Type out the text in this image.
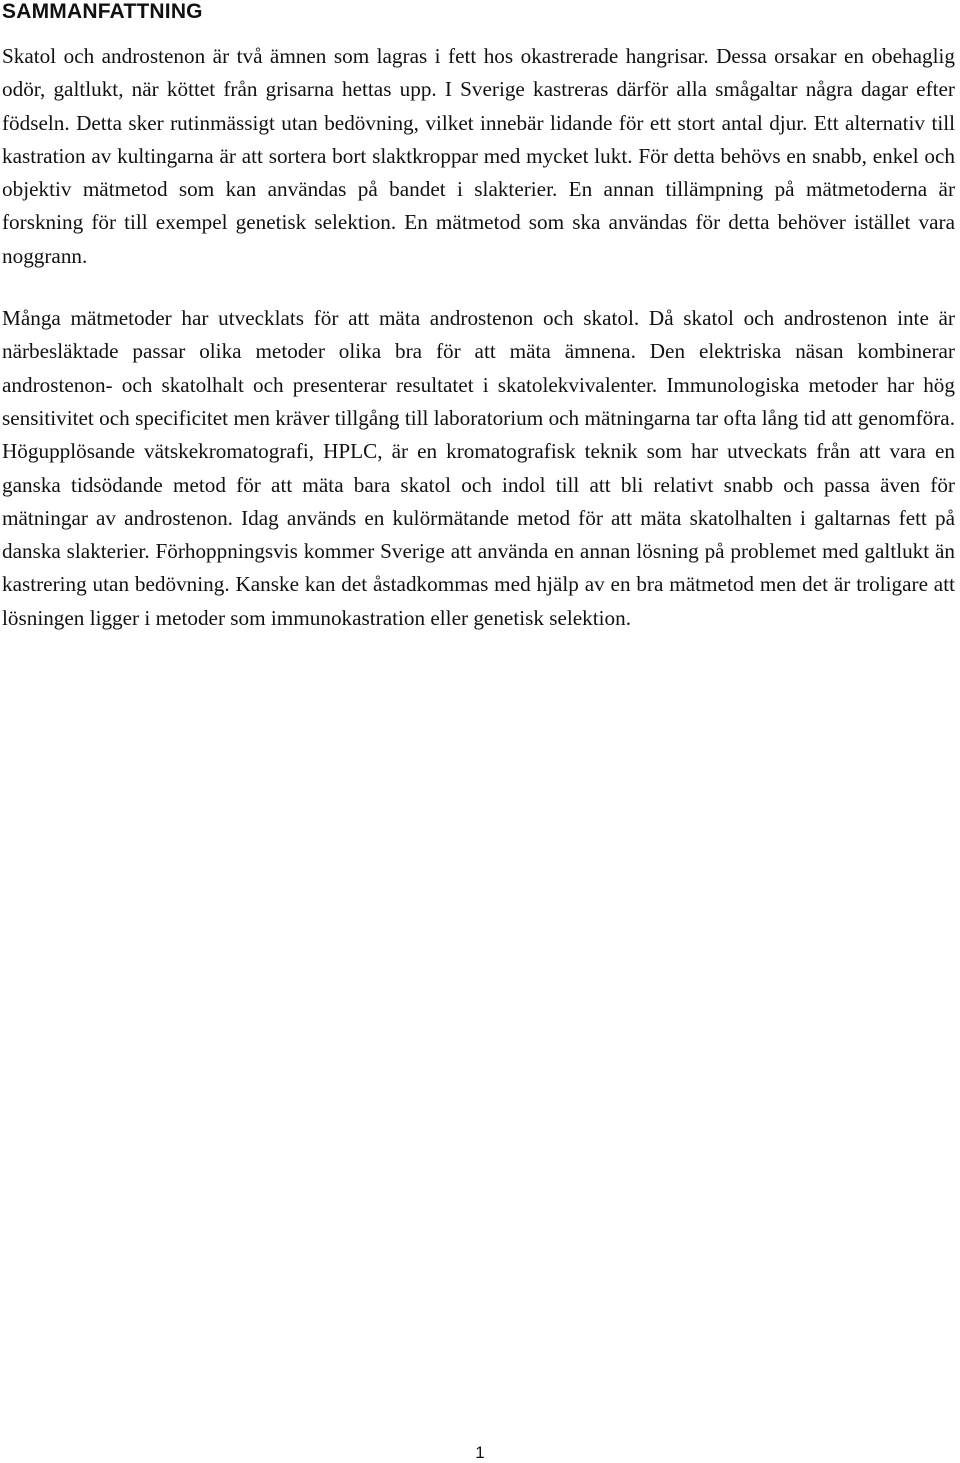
SAMMANFATTNING

Skatol och androstenon är två ämnen som lagras i fett hos okastrerade hangrisar. Dessa orsakar en obehaglig odör, galtlukt, när köttet från grisarna hettas upp. I Sverige kastreras därför alla smågaltar några dagar efter födseln. Detta sker rutinmässigt utan bedövning, vilket innebär lidande för ett stort antal djur. Ett alternativ till kastration av kultingarna är att sortera bort slaktkroppar med mycket lukt. För detta behövs en snabb, enkel och objektiv mätmetod som kan användas på bandet i slakterier. En annan tillämpning på mätmetoderna är forskning för till exempel genetisk selektion. En mätmetod som ska användas för detta behöver istället vara noggrann.

Många mätmetoder har utvecklats för att mäta androstenon och skatol. Då skatol och androstenon inte är närbesläktade passar olika metoder olika bra för att mäta ämnena. Den elektriska näsan kombinerar androstenon- och skatolhalt och presenterar resultatet i skatolekvivalenter. Immunologiska metoder har hög sensitivitet och specificitet men kräver tillgång till laboratorium och mätningarna tar ofta lång tid att genomföra. Högupplösande vätskekromatografi, HPLC, är en kromatografisk teknik som har utveckats från att vara en ganska tidsödande metod för att mäta bara skatol och indol till att bli relativt snabb och passa även för mätningar av androstenon. Idag används en kulörmätande metod för att mäta skatolhalten i galtarnas fett på danska slakterier. Förhoppningsvis kommer Sverige att använda en annan lösning på problemet med galtlukt än kastrering utan bedövning. Kanske kan det åstadkommas med hjälp av en bra mätmetod men det är troligare att lösningen ligger i metoder som immunokastration eller genetisk selektion.

1
